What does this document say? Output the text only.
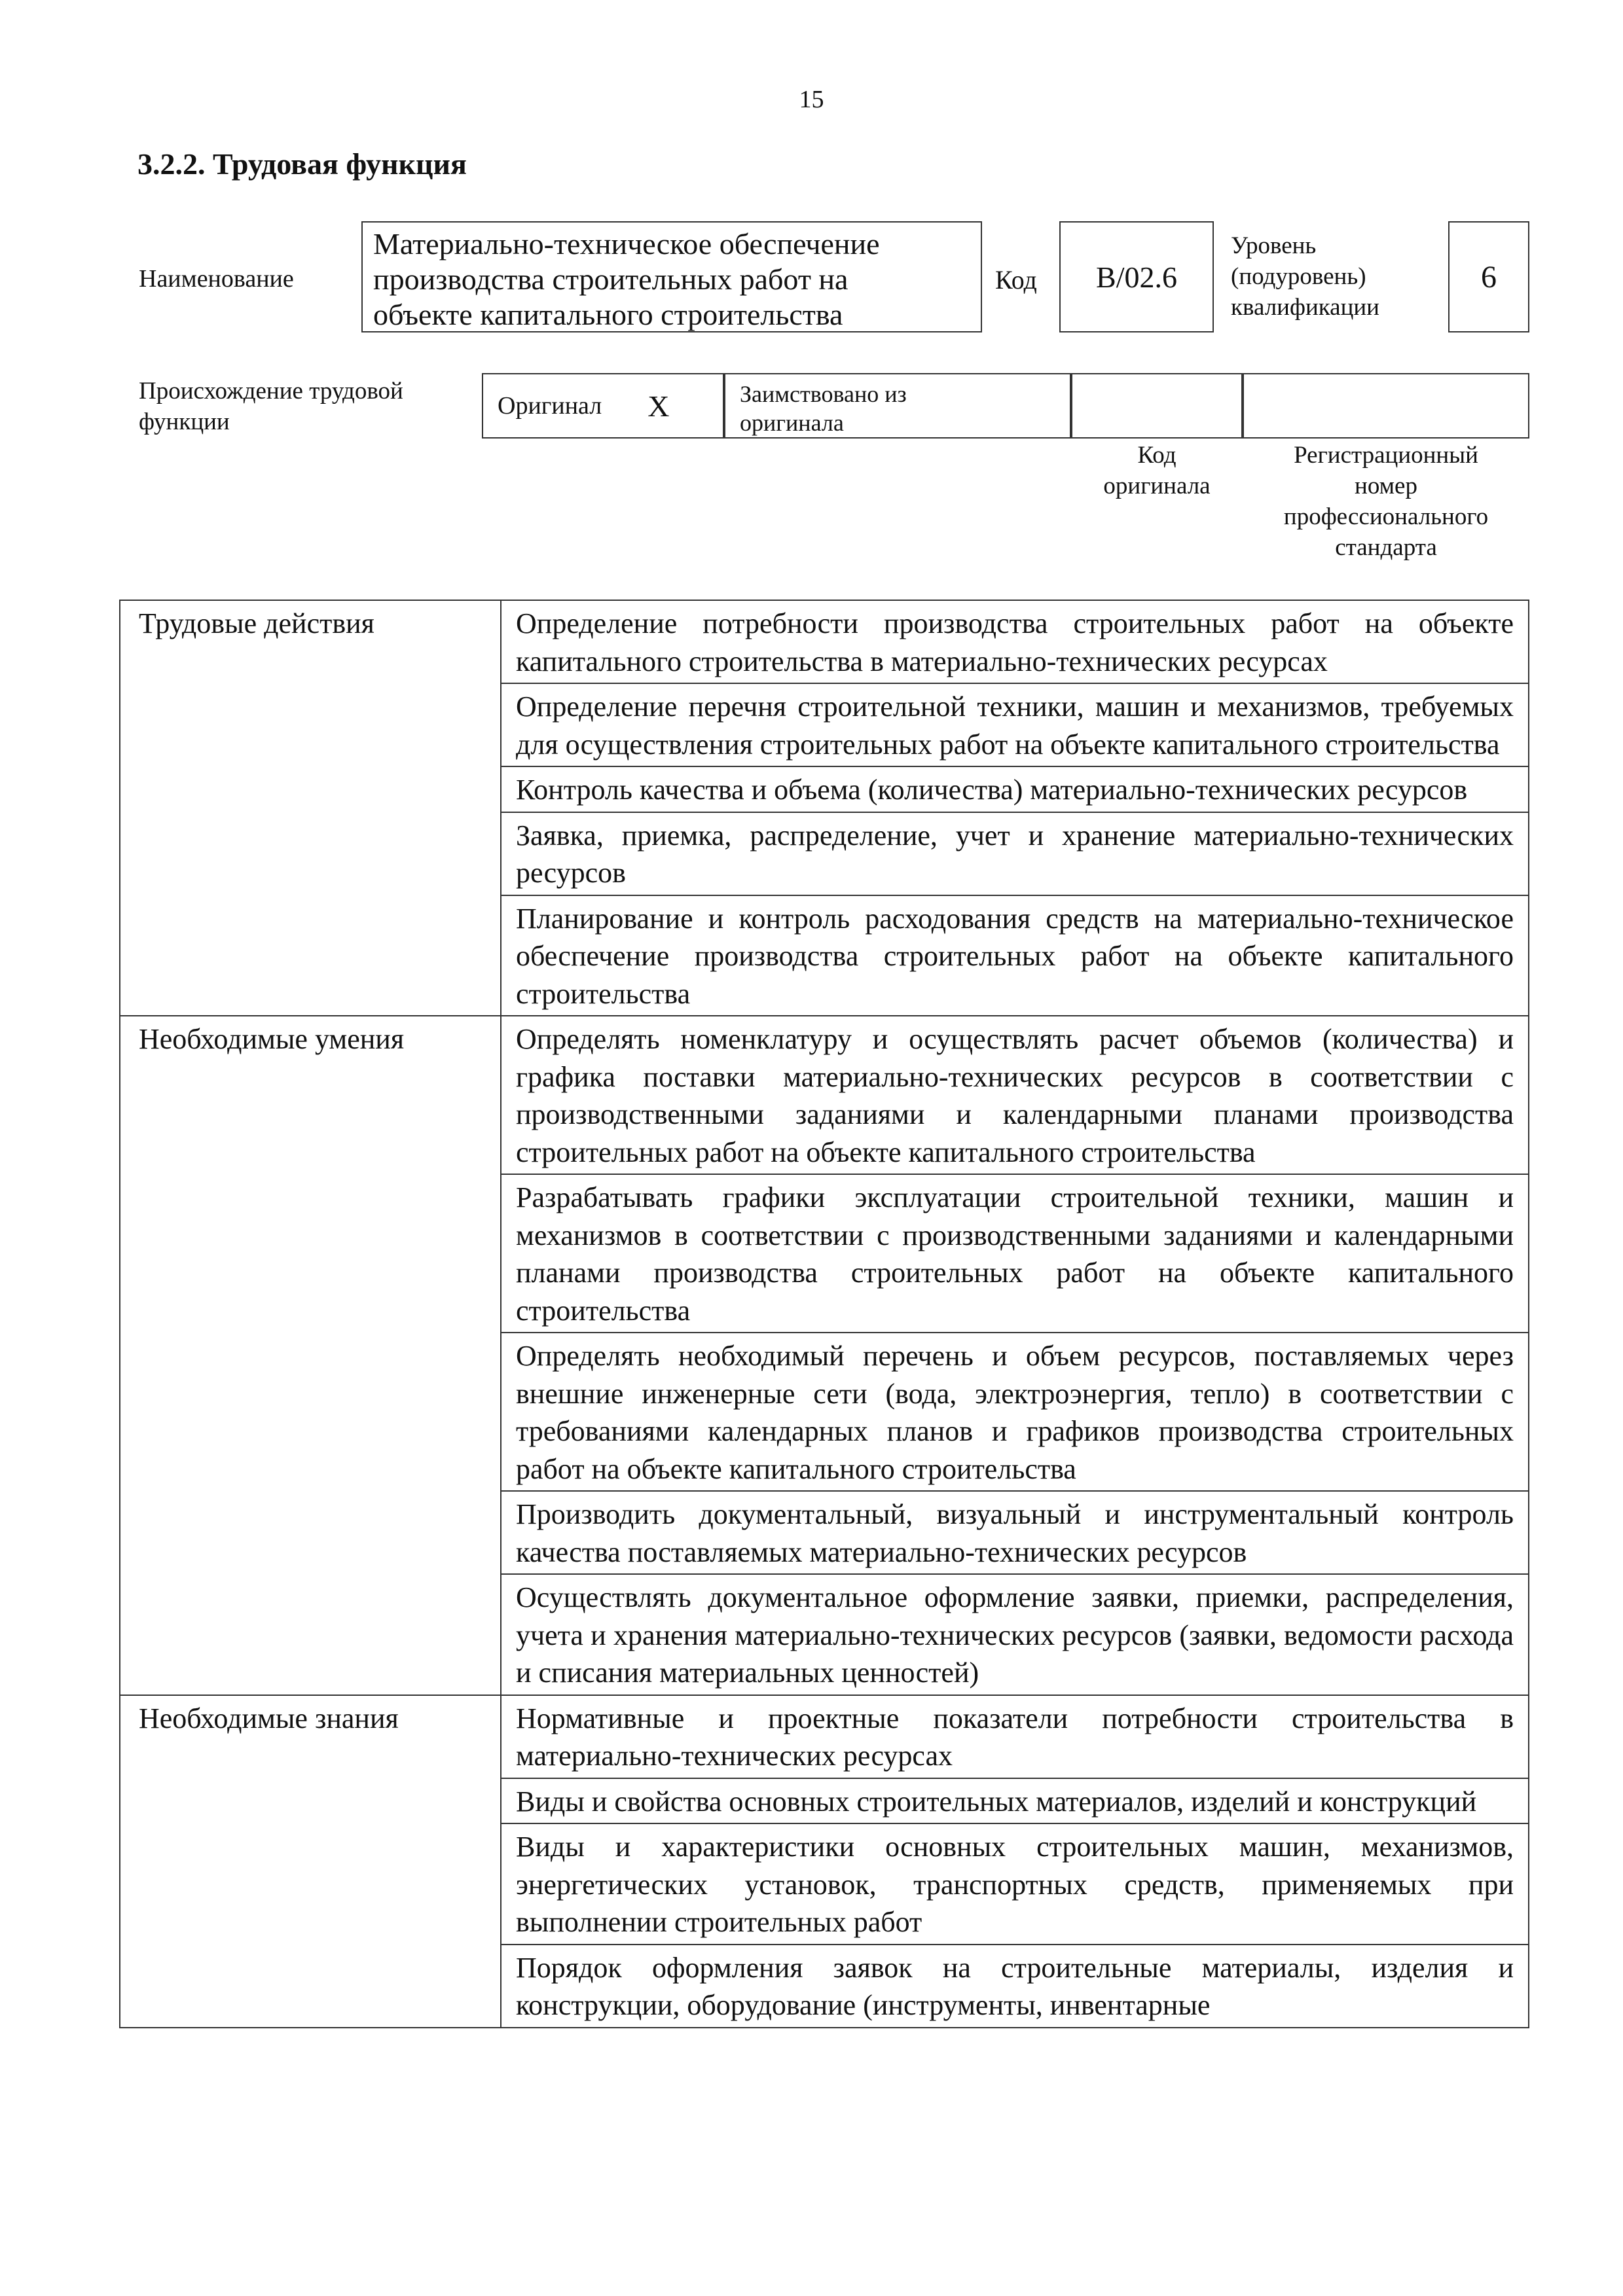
15
3.2.2. Трудовая функция
Наименование
Материально-техническое обеспечение
производства строительных работ на
объекте капитального строительства
Код B/02.6
Уровень
(подуровень)
квалификации
6
Происхождение трудовой
функции
Оригинал X	Заимствовано из
оригинала
Код
оригинала
Регистрационный
номер
профессионального
стандарта
Трудовые действия	Определение потребности производства строительных работ на объекте капитального строительства в материально-технических ресурсах
	Определение перечня строительной техники, машин и механизмов, требуемых для осуществления строительных работ на объекте капитального строительства
	Контроль качества и объема (количества) материально-технических ресурсов
	Заявка, приемка, распределение, учет и хранение материально-технических ресурсов
	Планирование и контроль расходования средств на материально-техническое обеспечение производства строительных работ на объекте капитального строительства
Необходимые умения	Определять номенклатуру и осуществлять расчет объемов (количества) и графика поставки материально-технических ресурсов в соответствии с производственными заданиями и календарными планами производства строительных работ на объекте капитального строительства
	Разрабатывать графики эксплуатации строительной техники, машин и механизмов в соответствии с производственными заданиями и календарными планами производства строительных работ на объекте капитального строительства
	Определять необходимый перечень и объем ресурсов, поставляемых через внешние инженерные сети (вода, электроэнергия, тепло) в соответствии с требованиями календарных планов и графиков производства строительных работ на объекте капитального строительства
	Производить документальный, визуальный и инструментальный контроль качества поставляемых материально-технических ресурсов
	Осуществлять документальное оформление заявки, приемки, распределения, учета и хранения материально-технических ресурсов (заявки, ведомости расхода и списания материальных ценностей)
Необходимые знания	Нормативные и проектные показатели потребности строительства в материально-технических ресурсах
	Виды и свойства основных строительных материалов, изделий и конструкций
	Виды и характеристики основных строительных машин, механизмов, энергетических установок, транспортных средств, применяемых при выполнении строительных работ
	Порядок оформления заявок на строительные материалы, изделия и конструкции, оборудование (инструменты, инвентарные
